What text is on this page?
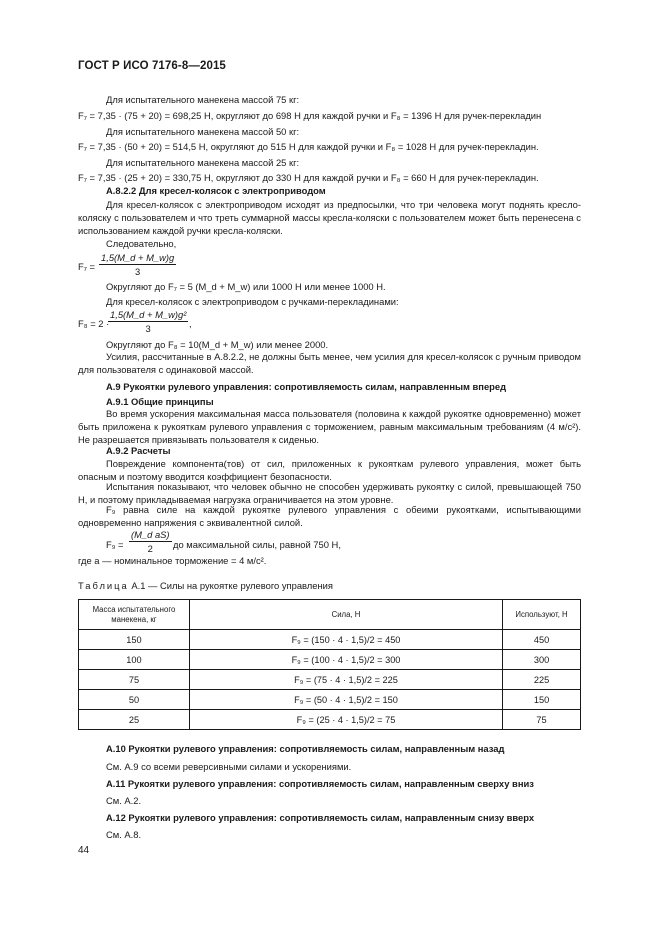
ГОСТ Р ИСО 7176-8—2015
Для испытательного манекена массой 75 кг:
F₇ = 7,35 · (75 + 20) = 698,25 Н, округляют до 698 Н для каждой ручки и F₈ = 1396 Н для ручек-перекладин
Для испытательного манекена массой 50 кг:
F₇ = 7,35 · (50 + 20) = 514,5 Н, округляют до 515 Н для каждой ручки и F₈ = 1028 Н для ручек-перекладин.
Для испытательного манекена массой 25 кг:
F₇ = 7,35 · (25 + 20) = 330,75 Н, округляют до 330 Н для каждой ручки и F₈ = 660 Н для ручек-перекладин.
А.8.2.2 Для кресел-колясок с электроприводом
Для кресел-колясок с электроприводом исходят из предпосылки, что три человека могут поднять кресло-коляску с пользователем и что треть суммарной массы кресла-коляски с пользователем может быть перенесена с использованием каждой ручки кресла-коляски.
Следовательно,
$F_7 = \frac{1,5(M\_d + M\_w)g}{3}$
Округляют до F₇ = 5 (M_d + M_w) или 1000 Н или менее 1000 Н.
Для кресел-колясок с электроприводом с ручками-перекладинами:
F₈ = 2 ·
$\frac{\text{1,5(M\_d + M\_w)g²}}{3}$ ,
Округляют до F₈ = 10(M_d + M_w) или менее 2000.
Усилия, рассчитанные в А.8.2.2, не должны быть менее, чем усилия для кресел-колясок с ручным приводом для пользователя с одинаковой массой.
А.9 Рукоятки рулевого управления: сопротивляемость силам, направленным вперед
А.9.1 Общие принципы
Во время ускорения максимальная масса пользователя (половина к каждой рукоятке одновременно) может быть приложена к рукояткам рулевого управления с торможением, равным максимальным требованиям (4 м/с²). Не разрешается привязывать пользователя к сиденью.
А.9.2 Расчеты
Повреждение компонента(тов) от сил, приложенных к рукояткам рулевого управления, может быть опасным и поэтому вводится коэффициент безопасности.
Испытания показывают, что человек обычно не способен удерживать рукоятку с силой, превышающей 750 Н, и поэтому прикладываемая нагрузка ограничивается на этом уровне.
F₉ равна силе на каждой рукоятке рулевого управления с обеими рукоятками, испытывающими одновременно напряжения с эквивалентной силой.
$F_9 = \frac{\text{(M\_d aS)}}{2}$ до максимальной силы, равной 750 Н,
где a — номинальное торможение = 4 м/с².
Таблица А.1 — Силы на рукоятке рулевого управления
Масса испытательного манекена, кг	Сила, Н	Используют, Н
150	F₉ = (150 · 4 · 1,5)/2 = 450	450
100	F₉ = (100 · 4 · 1,5)/2 = 300	300
75	F₉ = (75 · 4 · 1,5)/2 = 225	225
50	F₉ = (50 · 4 · 1,5)/2 = 150	150
25	F₉ = (25 · 4 · 1,5)/2 = 75	75
А.10 Рукоятки рулевого управления: сопротивляемость силам, направленным назад
См. А.9 со всеми реверсивными силами и ускорениями.
А.11 Рукоятки рулевого управления: сопротивляемость силам, направленным сверху вниз
См. А.2.
А.12 Рукоятки рулевого управления: сопротивляемость силам, направленным снизу вверх
См. А.8.
44
